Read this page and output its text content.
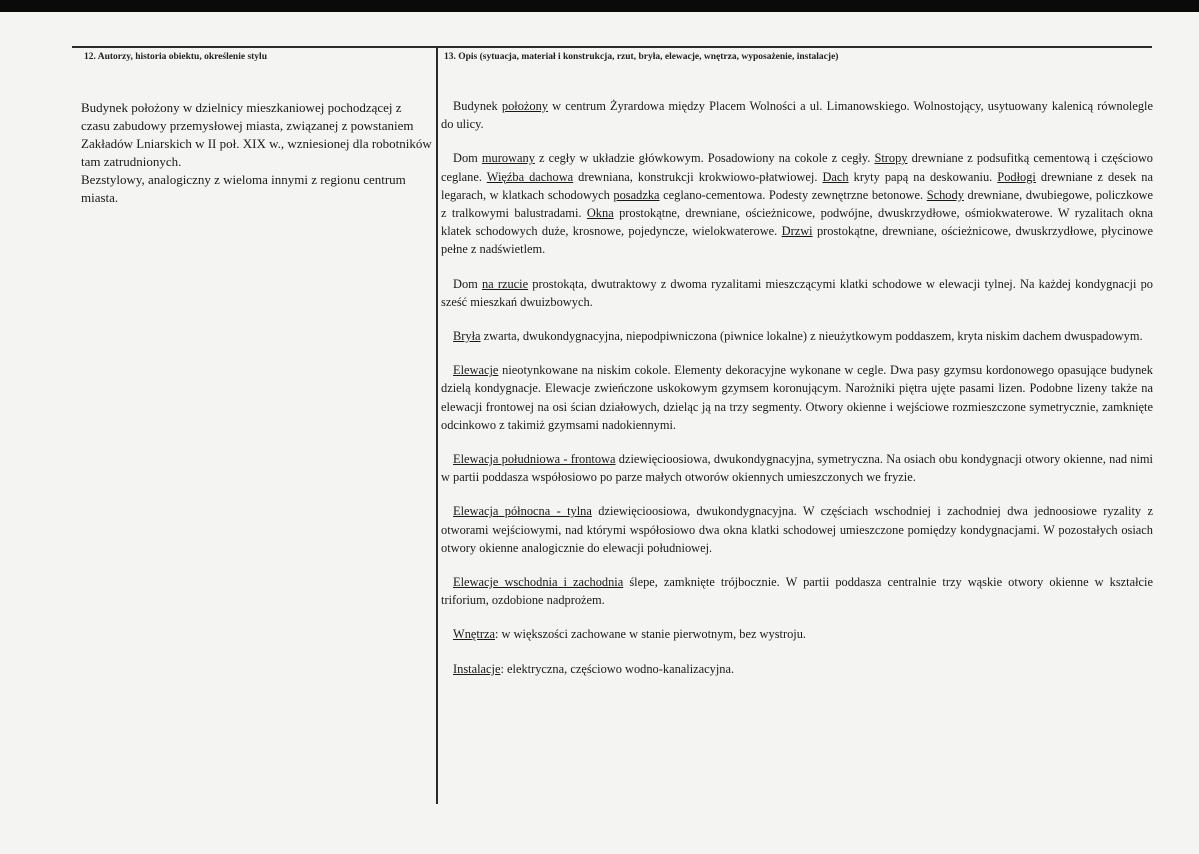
12. Autorzy, historia obiektu, określenie stylu	13. Opis (sytuacja, materiał i konstrukcja, rzut, bryła, elewacje, wnętrza, wyposażenie, instalacje)

Budynek położony w dzielnicy mieszkaniowej pochodzącej z czasu zabudowy przemysłowej miasta, związanej z powstaniem Zakładów Lniarskich w II poł. XIX w., wzniesionej dla robotników tam zatrudnionych.

Bezstylowy, analogiczny z wieloma innymi z regionu centrum miasta.

Budynek położony w centrum Żyrardowa między Placem Wolności a ul. Limanowskiego. Wolnostojący, usytuowany kalenicą równolegle do ulicy.

Dom murowany z cegły w układzie główkowym. Posadowiony na cokole z cegły. Stropy drewniane z podsufitką cementową i częściowo ceglane. Więźba dachowa drewniana, konstrukcji krokwiowo-płatwiowej. Dach kryty papą na deskowaniu. Podłogi drewniane z desek na legarach, w klatkach schodowych posadzka ceglano-cementowa. Podesty zewnętrzne betonowe. Schody drewniane, dwubiegowe, policzkowe z tralkowymi balustradami. Okna prostokątne, drewniane, ościeżnicowe, podwójne, dwuskrzydłowe, ośmiokwaterowe. W ryzalitach okna klatek schodowych duże, krosnowe, pojedyncze, wielokwaterowe. Drzwi prostokątne, drewniane, ościeżnicowe, dwuskrzydłowe, płycinowe pełne z nadświetlem.

Dom na rzucie prostokąta, dwutraktowy z dwoma ryzalitami mieszczącymi klatki schodowe w elewacji tylnej. Na każdej kondygnacji po sześć mieszkań dwuizbowych.

Bryła zwarta, dwukondygnacyjna, niepodpiwniczona (piwnice lokalne) z nieużytkowym poddaszem, kryta niskim dachem dwuspadowym.

Elewacje nieotynkowane na niskim cokole. Elementy dekoracyjne wykonane w cegle. Dwa pasy gzymsu kordonowego opasujące budynek dzielą kondygnacje. Elewacje zwieńczone uskokowym gzymsem koronującym. Narożniki piętra ujęte pasami lizen. Podobne lizeny także na elewacji frontowej na osi ścian działowych, dzieląc ją na trzy segmenty. Otwory okienne i wejściowe rozmieszczone symetrycznie, zamknięte odcinkowo z takimiż gzymsami nadokiennymi.

Elewacja południowa - frontowa dziewięcioosiowa, dwukondygnacyjna, symetryczna. Na osiach obu kondygnacji otwory okienne, nad nimi w partii poddasza współosiowo po parze małych otworów okiennych umieszczonych we fryzie.

Elewacja północna - tylna dziewięcioosiowa, dwukondygnacyjna. W częściach wschodniej i zachodniej dwa jednoosiowe ryzality z otworami wejściowymi, nad którymi współosiowo dwa okna klatki schodowej umieszczone pomiędzy kondygnacjami. W pozostałych osiach otwory okienne analogicznie do elewacji południowej.

Elewacje wschodnia i zachodnia ślepe, zamknięte trójbocznie. W partii poddasza centralnie trzy wąskie otwory okienne w kształcie triforium, ozdobione nadprożem.

Wnętrza: w większości zachowane w stanie pierwotnym, bez wystroju.

Instalacje: elektryczna, częściowo wodno-kanalizacyjna.
